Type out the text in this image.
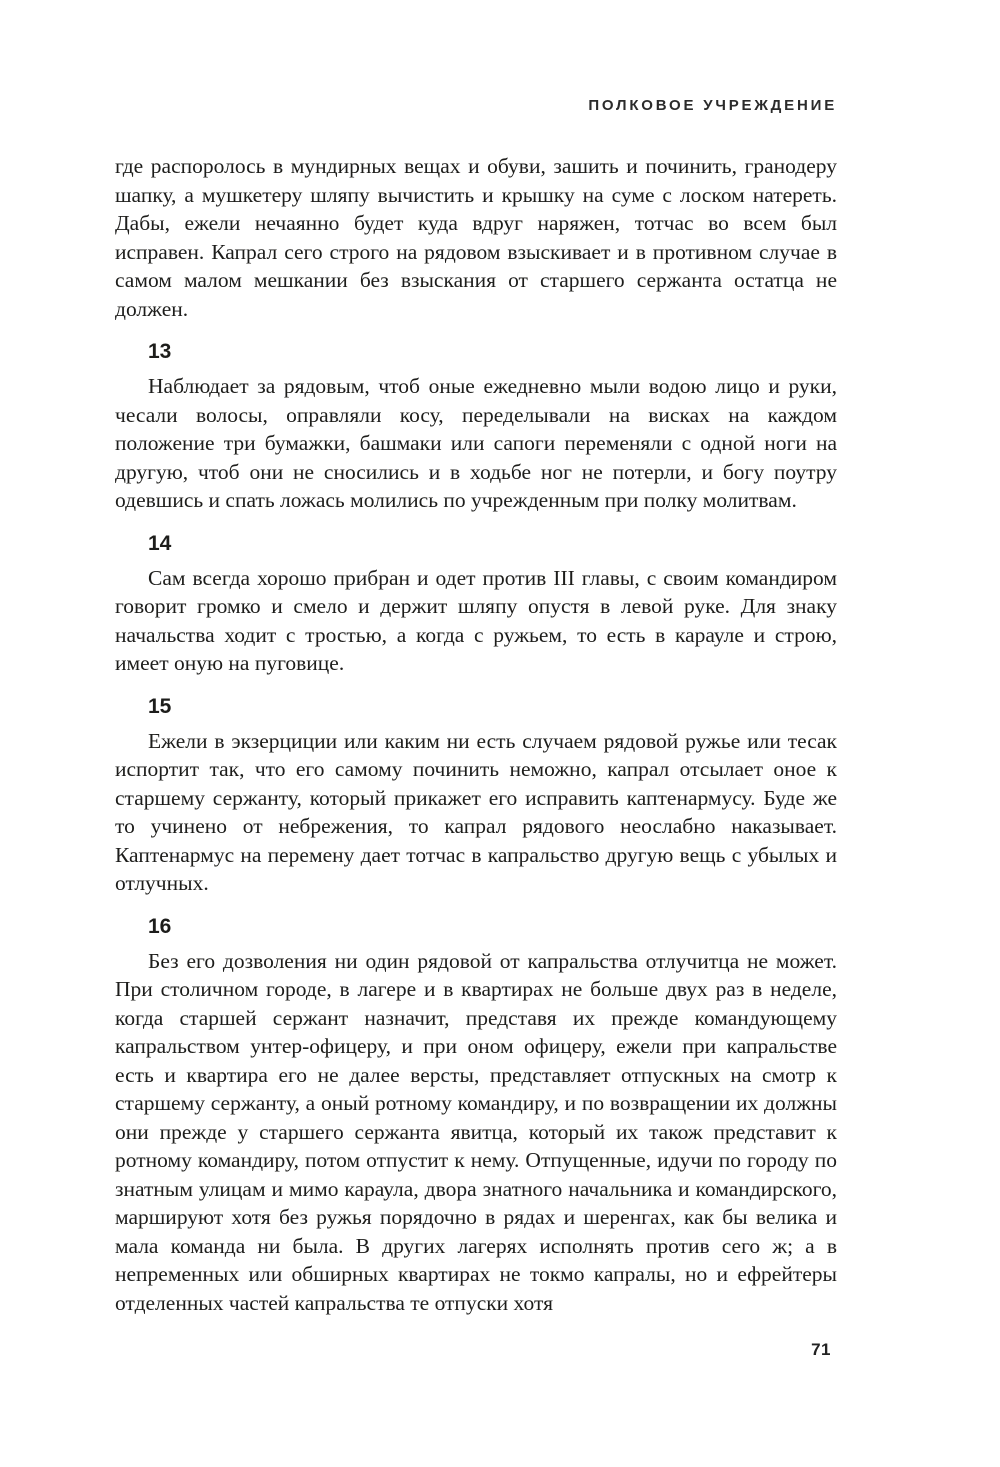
ПОЛКОВОЕ УЧРЕЖДЕНИЕ

где распоролось в мундирных вещах и обуви, зашить и починить, гранодеру шапку, а мушкетеру шляпу вычистить и крышку на суме с лоском натереть. Дабы, ежели нечаянно будет куда вдруг наряжен, тотчас во всем был исправен. Капрал сего строго на рядовом взыскивает и в противном случае в самом малом мешкании без взыскания от старшего сержанта остатца не должен.

13

Наблюдает за рядовым, чтоб оные ежедневно мыли водою лицо и руки, чесали волосы, оправляли косу, переделывали на висках на каждом положение три бумажки, башмаки или сапоги переменяли с одной ноги на другую, чтоб они не сносились и в ходьбе ног не потерли, и богу поутру одевшись и спать ложась молились по учрежденным при полку молитвам.

14

Сам всегда хорошо прибран и одет против III главы, с своим командиром говорит громко и смело и держит шляпу опустя в левой руке. Для знаку начальства ходит с тростью, а когда с ружьем, то есть в карауле и строю, имеет оную на пуговице.

15

Ежели в экзерциции или каким ни есть случаем рядовой ружье или тесак испортит так, что его самому починить неможно, капрал отсылает оное к старшему сержанту, который прикажет его исправить каптенармусу. Буде же то учинено от небрежения, то капрал рядового неослабно наказывает. Каптенармус на перемену дает тотчас в капральство другую вещь с убылых и отлучных.

16

Без его дозволения ни один рядовой от капральства отлучитца не может. При столичном городе, в лагере и в квартирах не больше двух раз в неделе, когда старшей сержант назначит, представя их прежде командующему капральством унтер-офицеру, и при оном офицеру, ежели при капральстве есть и квартира его не далее версты, представляет отпускных на смотр к старшему сержанту, а оный ротному командиру, и по возвращении их должны они прежде у старшего сержанта явитца, который их також представит к ротному командиру, потом отпустит к нему. Отпущенные, идучи по городу по знатным улицам и мимо караула, двора знатного начальника и командирского, маршируют хотя без ружья порядочно в рядах и шеренгах, как бы велика и мала команда ни была. В других лагерях исполнять против сего ж; а в непременных или обширных квартирах не токмо капралы, но и ефрейтеры отделенных частей капральства те отпуски хотя

71
